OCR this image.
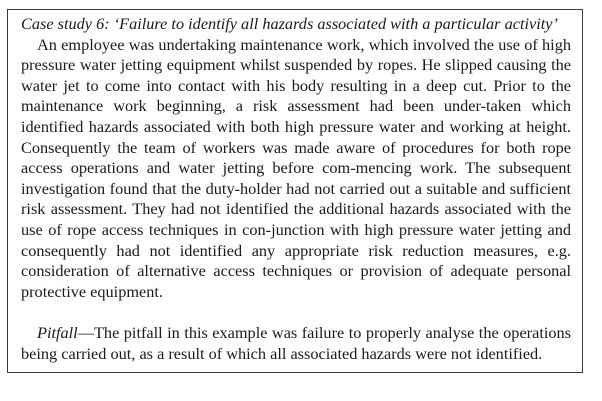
Case study 6: ‘Failure to identify all hazards associated with a particular activity’
An employee was undertaking maintenance work, which involved the use of high pressure water jetting equipment whilst suspended by ropes. He slipped causing the water jet to come into contact with his body resulting in a deep cut. Prior to the maintenance work beginning, a risk assessment had been under-taken which identified hazards associated with both high pressure water and working at height. Consequently the team of workers was made aware of procedures for both rope access operations and water jetting before com-mencing work. The subsequent investigation found that the duty-holder had not carried out a suitable and sufficient risk assessment. They had not identified the additional hazards associated with the use of rope access techniques in con-junction with high pressure water jetting and consequently had not identified any appropriate risk reduction measures, e.g. consideration of alternative access techniques or provision of adequate personal protective equipment.

Pitfall—The pitfall in this example was failure to properly analyse the operations being carried out, as a result of which all associated hazards were not identified.
